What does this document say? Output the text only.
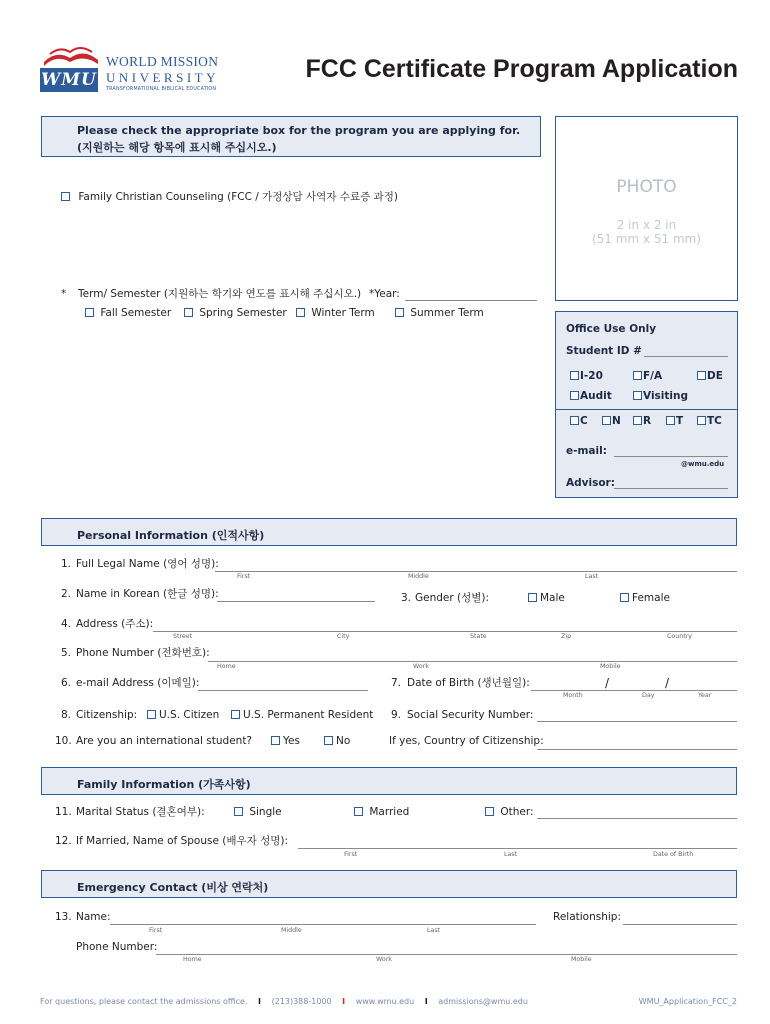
WMU
WORLD MISSION
UNIVERSITY
TRANSFORMATIONAL BIBLICAL EDUCATION
FCC Certificate Program Application
Please check the appropriate box for the program you are applying for.
(지원하는 해당 항목에 표시해 주십시오.)
Family Christian Counseling (FCC / 가정상담 사역자 수료증 과정)	PHOTO
2 in x 2 in
(51 mm x 51 mm)
* Term/ Semester (지원하는 학기와 연도를 표시해 주십시오.) *Year:
Fall Semester	Spring Semester	Winter Term	Summer Term
Office Use Only
Student ID #
I-20	F/A	DE
Audit	Visiting
C	N	R	T	TC
e-mail:
@wmu.edu
Advisor:
Personal Information (인적사항)
1. Full Legal Name (영어 성명):
First	Middle	Last
2. Name in Korean (한글 성명):	3. Gender (성별):	Male	Female
4. Address (주소):
Street	City	State	Zip	Country
5. Phone Number (전화번호):
Home	Work	Mobile
6. e-mail Address (이메일):	7. Date of Birth (생년월일):	/	/
Month	Day	Year
8. Citizenship:	U.S. Citizen	U.S. Permanent Resident 9. Social Security Number:
10. Are you an international student?	Yes	No	If yes, Country of Citizenship:
Family Information (가족사항)
11. Marital Status (결혼여부):	Single	Married	Other:
12. If Married, Name of Spouse (배우자 성명):
First	Last	Date of Birth
Emergency Contact (비상 연락처)
13. Name:
First	Middle	Last
Relationship:
Phone Number:
Home	Work	Mobile
For questions, please contact the admissions office. I (213)388-1000 I www.wmu.edu I admissions@wmu.edu	WMU_Application_FCC_2
